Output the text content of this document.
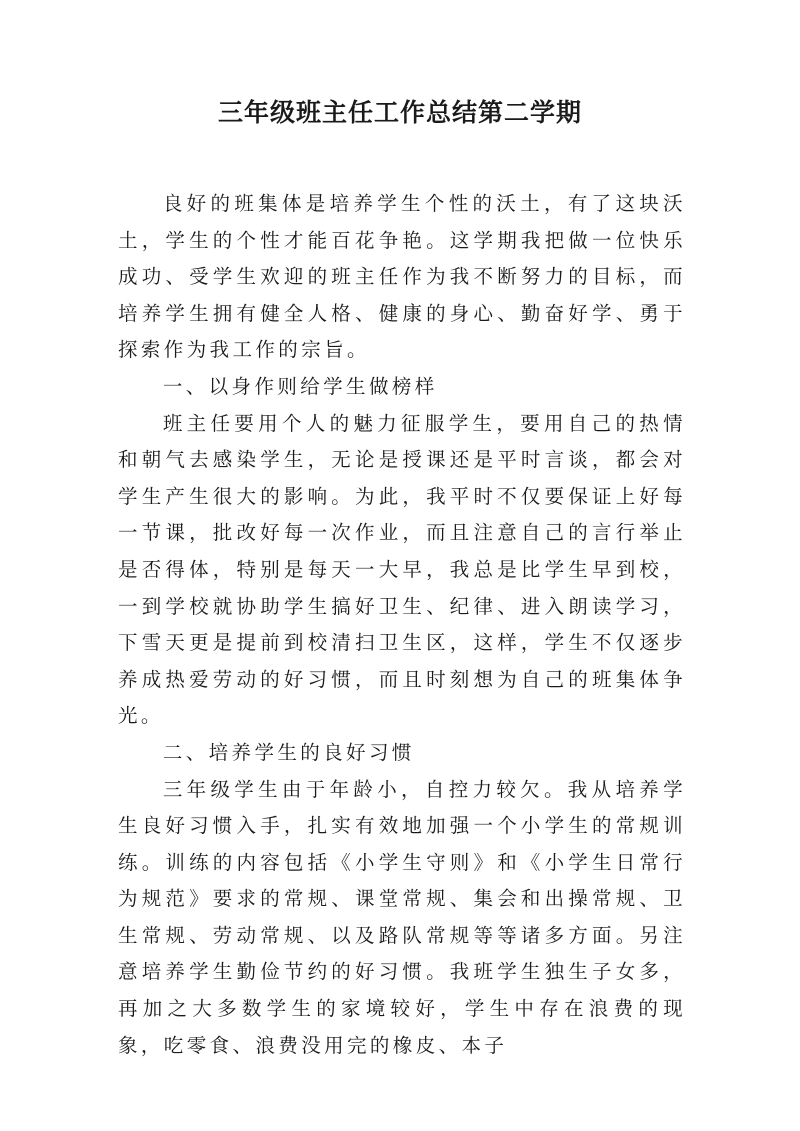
三年级班主任工作总结第二学期

良好的班集体是培养学生个性的沃土，有了这块沃土，学生的个性才能百花争艳。这学期我把做一位快乐成功、受学生欢迎的班主任作为我不断努力的目标，而培养学生拥有健全人格、健康的身心、勤奋好学、勇于探索作为我工作的宗旨。

一、以身作则给学生做榜样

班主任要用个人的魅力征服学生，要用自己的热情和朝气去感染学生，无论是授课还是平时言谈，都会对学生产生很大的影响。为此，我平时不仅要保证上好每一节课，批改好每一次作业，而且注意自己的言行举止是否得体，特别是每天一大早，我总是比学生早到校，一到学校就协助学生搞好卫生、纪律、进入朗读学习，下雪天更是提前到校清扫卫生区，这样，学生不仅逐步养成热爱劳动的好习惯，而且时刻想为自己的班集体争光。

二、培养学生的良好习惯

三年级学生由于年龄小，自控力较欠。我从培养学生良好习惯入手，扎实有效地加强一个小学生的常规训练。训练的内容包括《小学生守则》和《小学生日常行为规范》要求的常规、课堂常规、集会和出操常规、卫生常规、劳动常规、以及路队常规等等诸多方面。另注意培养学生勤俭节约的好习惯。我班学生独生子女多，再加之大多数学生的家境较好，学生中存在浪费的现象，吃零食、浪费没用完的橡皮、本子
